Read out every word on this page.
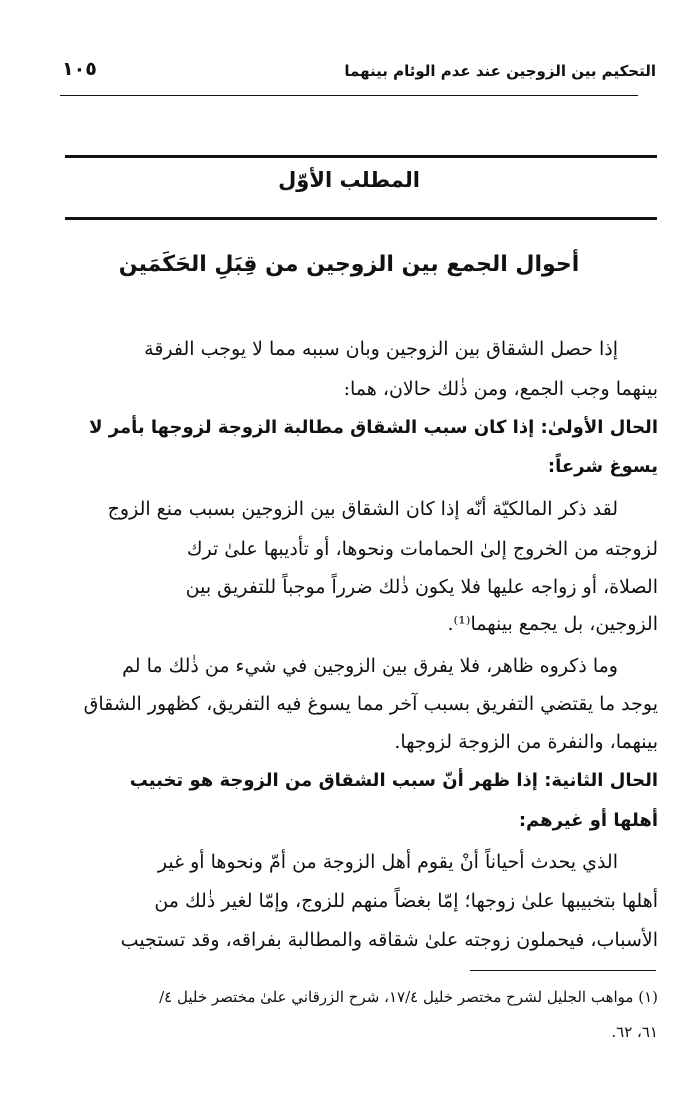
التحكيم بين الزوجين عند عدم الوئام بينهما
١٠٥
المطلب الأوّل
أحوال الجمع بين الزوجين من قِبَلِ الحَكَمَين
إذا حصل الشقاق بين الزوجين وبان سببه مما لا يوجب الفرقة
بينهما وجب الجمع، ومن ذٰلك حالان، هما:
الحال الأولىٰ: إذا كان سبب الشقاق مطالبة الزوجة لزوجها بأمر لا
يسوغ شرعاً:
لقد ذكر المالكيّة أنّه إذا كان الشقاق بين الزوجين بسبب منع الزوج
لزوجته من الخروج إلىٰ الحمامات ونحوها، أو تأديبها علىٰ ترك
الصلاة، أو زواجه عليها فلا يكون ذٰلك ضرراً موجباً للتفريق بين
الزوجين، بل يجمع بينهما⁽¹⁾.
وما ذكروه ظاهر، فلا يفرق بين الزوجين في شيء من ذٰلك ما لم
يوجد ما يقتضي التفريق بسبب آخر مما يسوغ فيه التفريق، كظهور الشقاق
بينهما، والنفرة من الزوجة لزوجها.
الحال الثانية: إذا ظهر أنّ سبب الشقاق من الزوجة هو تخبيب
أهلها أو غيرهم:
الذي يحدث أحياناً أنْ يقوم أهل الزوجة من أمّ ونحوها أو غير
أهلها بتخبيبها علىٰ زوجها؛ إمّا بغضاً منهم للزوج، وإمّا لغير ذٰلك من
الأسباب، فيحملون زوجته علىٰ شقاقه والمطالبة بفراقه، وقد تستجيب
(١) مواهب الجليل لشرح مختصر خليل ١٧/٤، شرح الزرقاني علىٰ مختصر خليل ٤/
٦١، ٦٢.
